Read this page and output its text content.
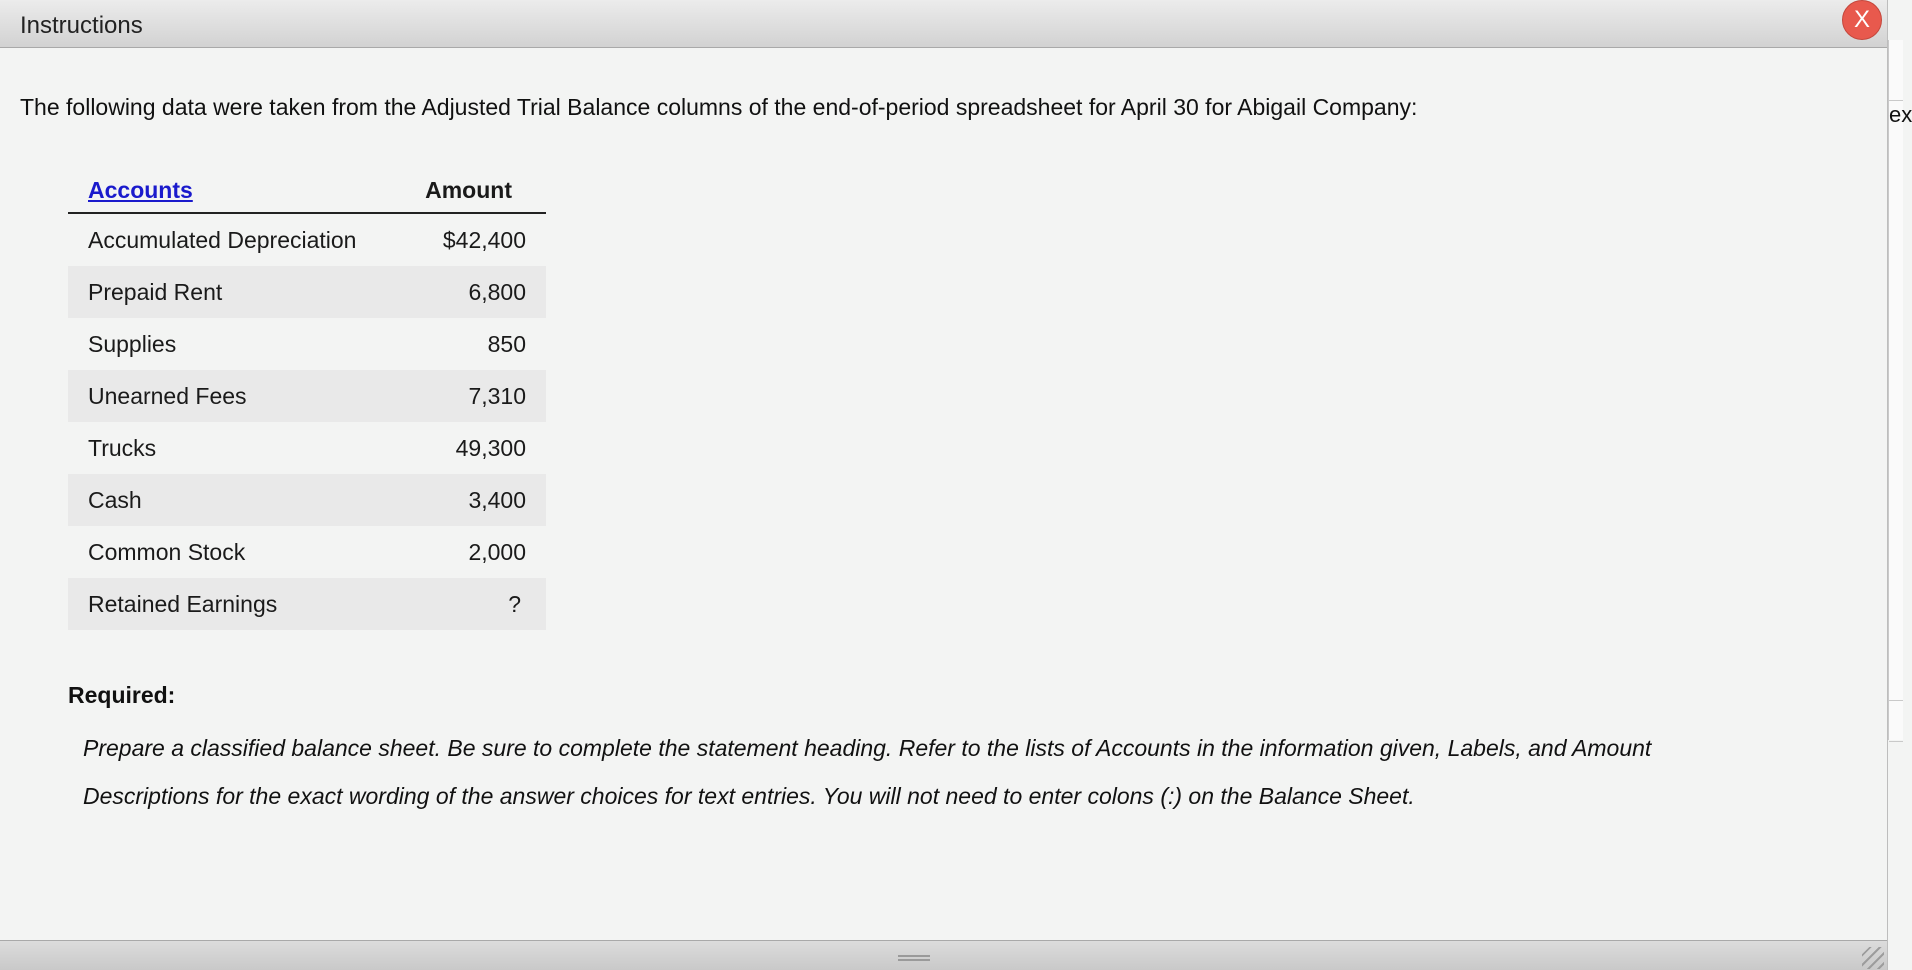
Instructions	X
The following data were taken from the Adjusted Trial Balance columns of the end-of-period spreadsheet for April 30 for Abigail Company:
Accounts	Amount
Accumulated Depreciation	$42,400
Prepaid Rent	6,800
Supplies	850
Unearned Fees	7,310
Trucks	49,300
Cash	3,400
Common Stock	2,000
Retained Earnings	?
Required:
Prepare a classified balance sheet. Be sure to complete the statement heading. Refer to the lists of Accounts in the information given, Labels, and Amount Descriptions for the exact wording of the answer choices for text entries. You will not need to enter colons (:) on the Balance Sheet.
ex
